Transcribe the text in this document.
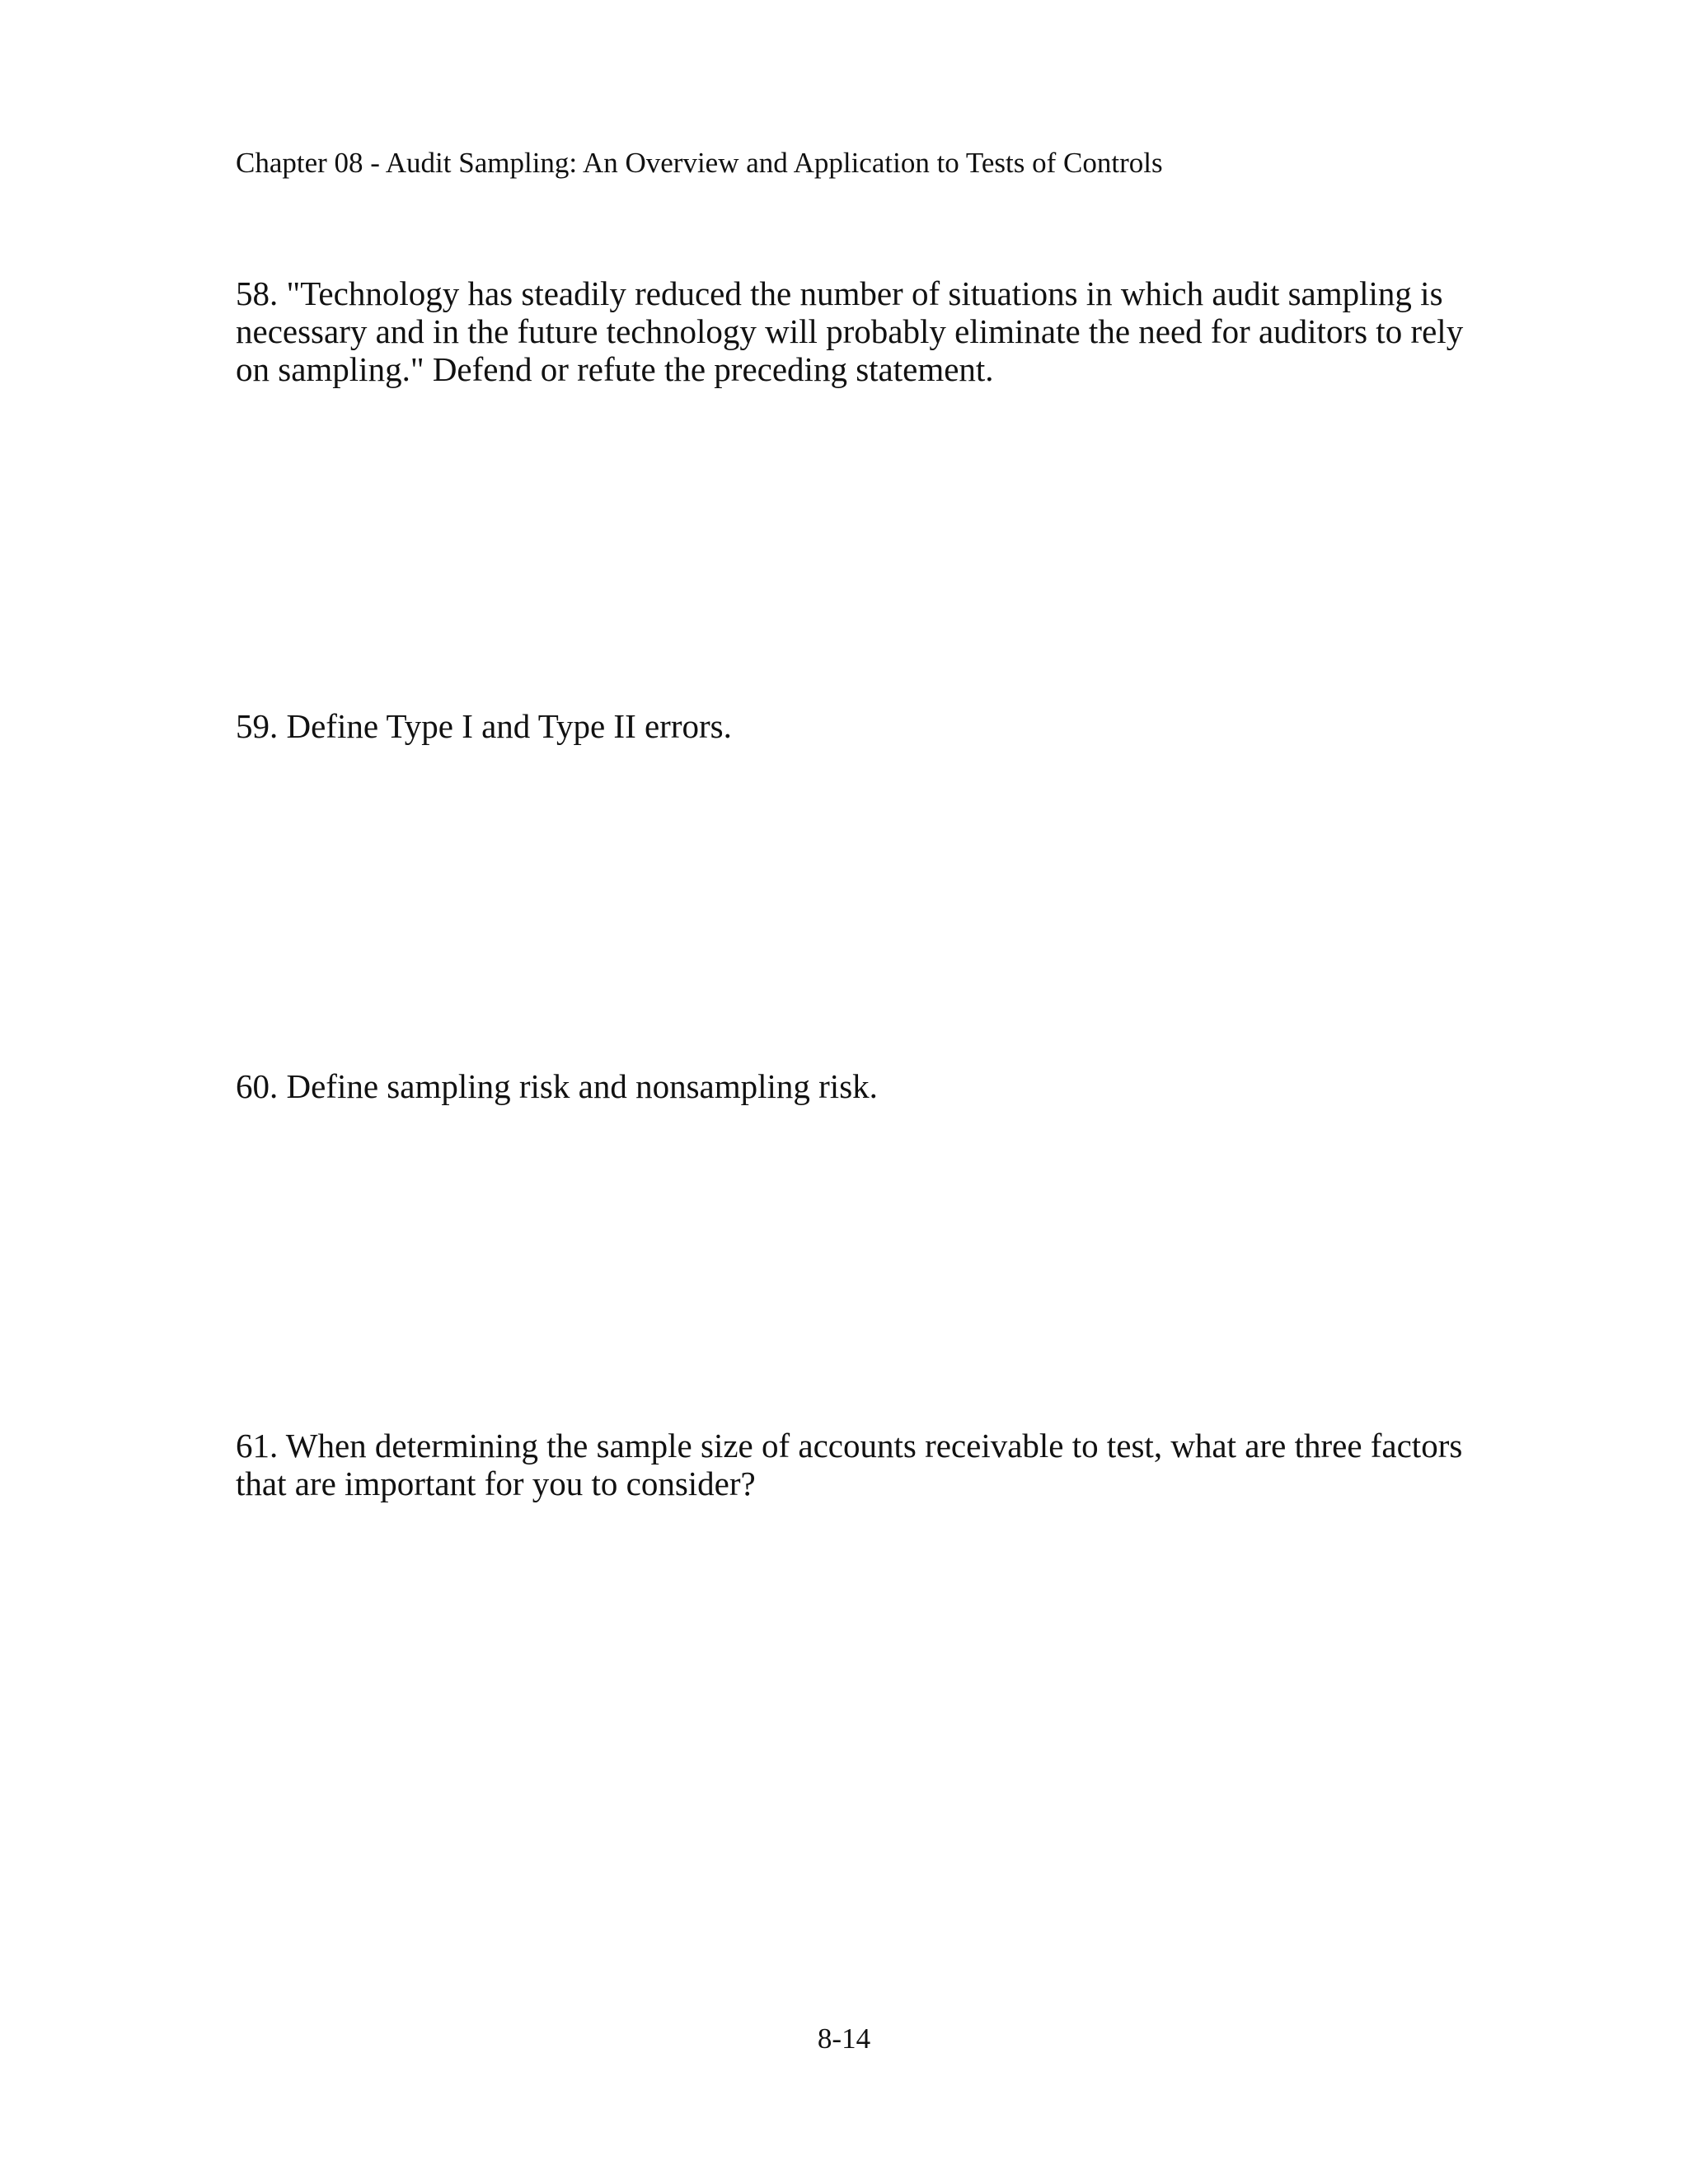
Chapter 08 - Audit Sampling: An Overview and Application to Tests of Controls
58. "Technology has steadily reduced the number of situations in which audit sampling is necessary and in the future technology will probably eliminate the need for auditors to rely on sampling." Defend or refute the preceding statement.
59. Define Type I and Type II errors.
60. Define sampling risk and nonsampling risk.
61. When determining the sample size of accounts receivable to test, what are three factors that are important for you to consider?
8-14
